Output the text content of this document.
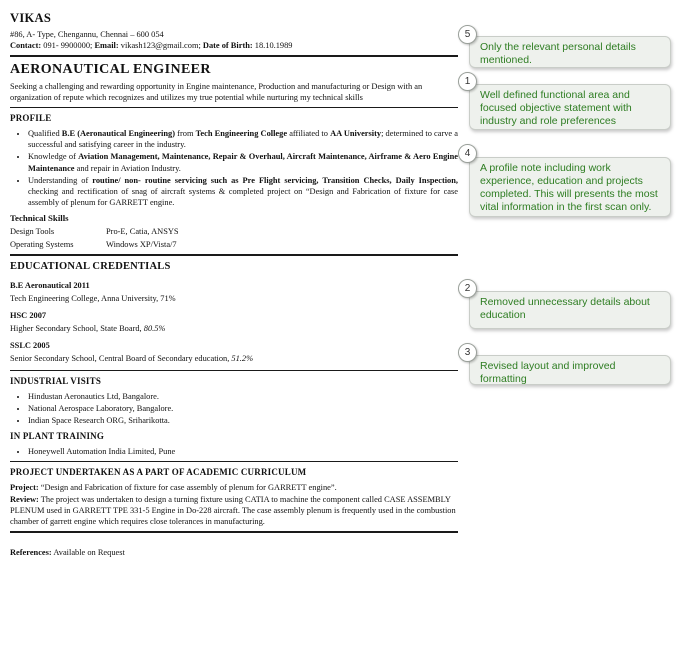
VIKAS

#86, A- Type, Chengannu, Chennai – 600 054

Contact: 091- 9900000; Email: vikash123@gmail.com; Date of Birth: 18.10.1989

AERONAUTICAL ENGINEER

Seeking a challenging and rewarding opportunity in Engine maintenance, Production and manufacturing or Design with an organization of repute which recognizes and utilizes my true potential while nurturing my technical skills

PROFILE
• Qualified B.E (Aeronautical Engineering) from Tech Engineering College affiliated to AA University; determined to carve a successful and satisfying career in the industry.
• Knowledge of Aviation Management, Maintenance, Repair & Overhaul, Aircraft Maintenance, Airframe & Aero Engine Maintenance and repair in Aviation Industry.
• Understanding of routine/ non- routine servicing such as Pre Flight servicing, Transition Checks, Daily Inspection, checking and rectification of snag of aircraft systems & completed project on “Design and Fabrication of fixture for case assembly of plenum for GARRETT engine.
Technical Skills
Design Tools	Pro-E, Catia, ANSYS
Operating Systems	Windows XP/Vista/7
EDUCATIONAL CREDENTIALS
B.E Aeronautical 2011
Tech Engineering College, Anna University, 71%
HSC 2007
Higher Secondary School, State Board, 80.5%
SSLC 2005
Senior Secondary School, Central Board of Secondary education, 51.2%
INDUSTRIAL VISITS
• Hindustan Aeronautics Ltd, Bangalore.
• National Aerospace Laboratory, Bangalore.
• Indian Space Research ORG, Sriharikotta.
IN PLANT TRAINING
• Honeywell Automation India Limited, Pune
PROJECT UNDERTAKEN AS A PART OF ACADEMIC CURRICULUM

Project: “Design and Fabrication of fixture for case assembly of plenum for GARRETT engine”.

Review: The project was undertaken to design a turning fixture using CATIA to machine the component called CASE ASSEMBLY PLENUM used in GARRETT TPE 331-5 Engine in Do-228 aircraft. The case assembly plenum is frequently used in the combustion chamber of garrett engine which requires close tolerances in manufacturing.

References: Available on Request
5
Only the relevant personal details mentioned.
1
Well defined functional area and focused objective statement with industry and role preferences
4
A profile note including work experience, education and projects completed. This will presents the most vital information in the first scan only.
2
Removed unnecessary details about education
3
Revised layout and improved formatting
